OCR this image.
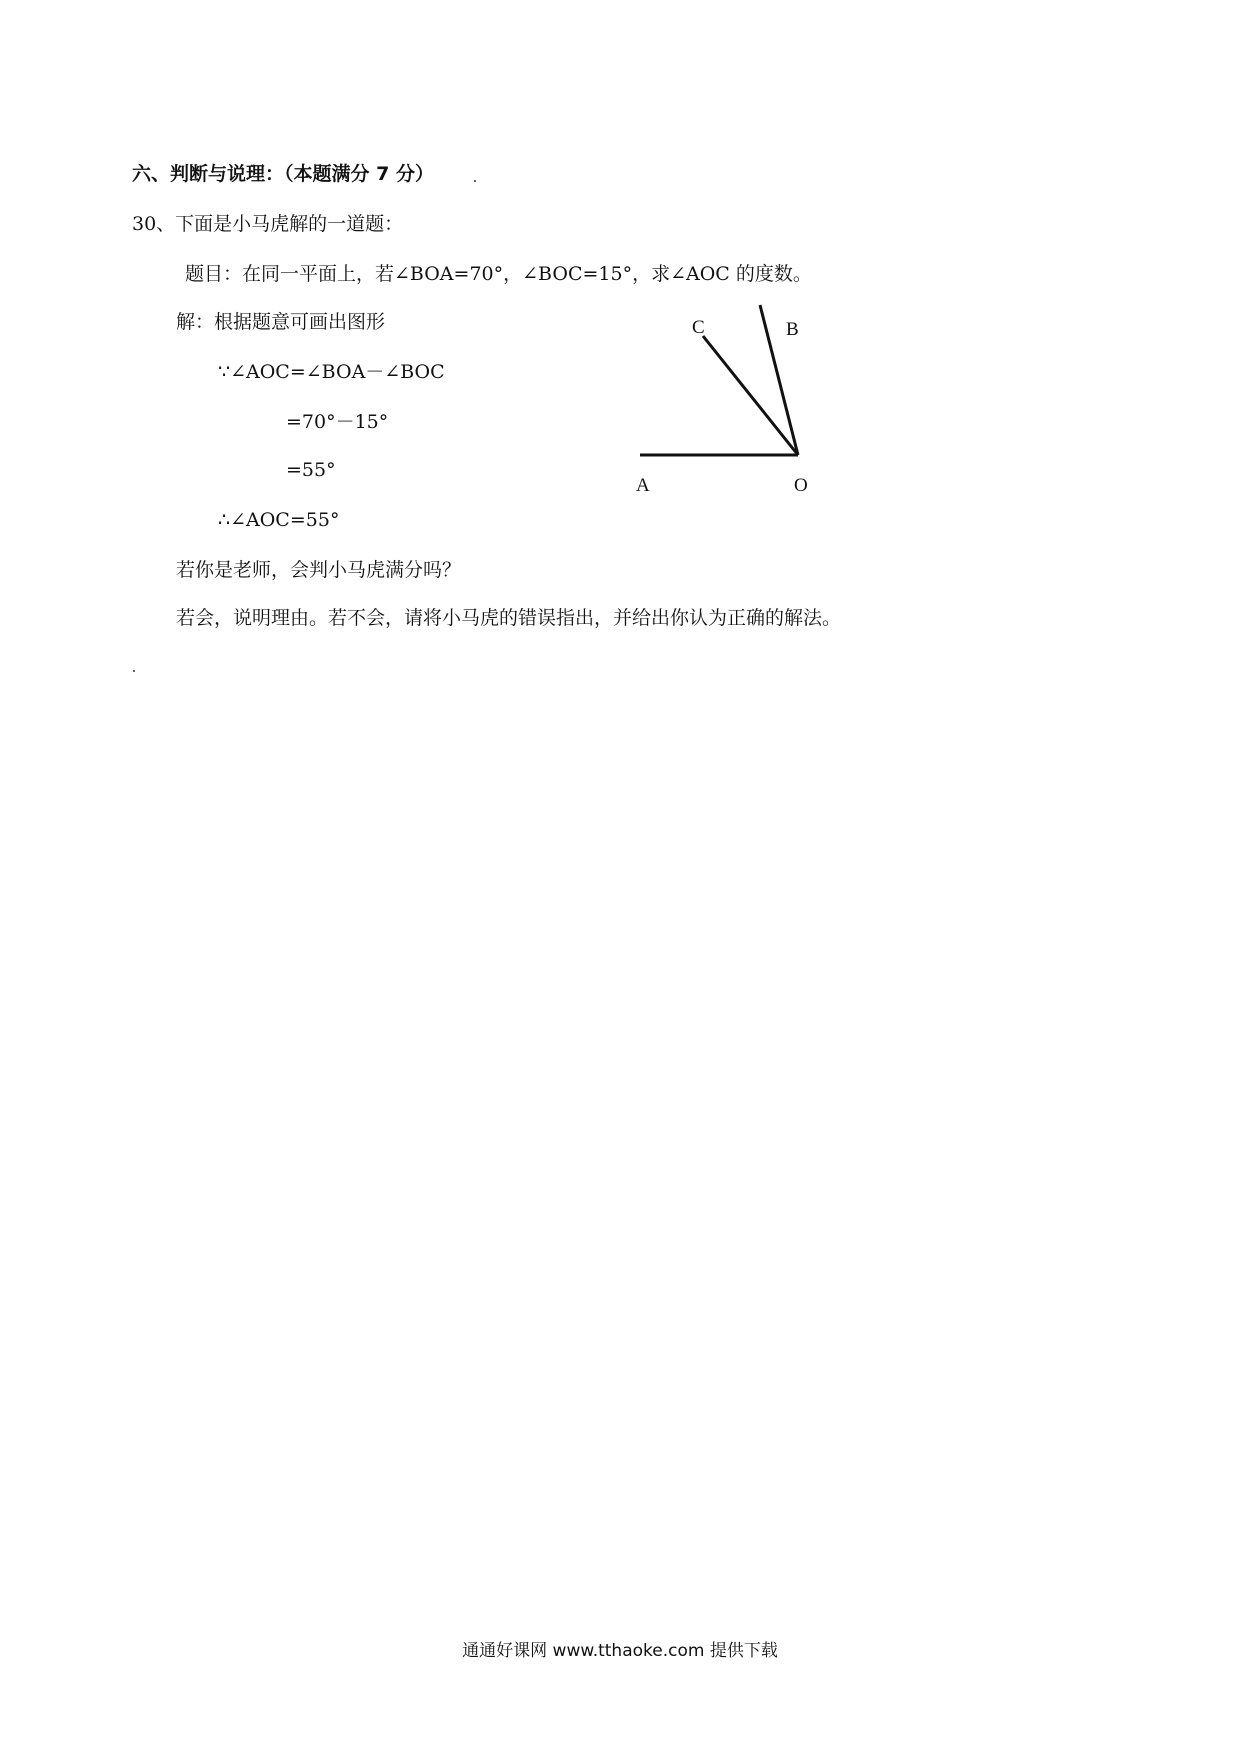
六、判断与说理：（本题满分 7 分）
30、下面是小马虎解的一道题：
题目：在同一平面上，若∠BOA=70°，∠BOC=15°，求∠AOC 的度数。
解：根据题意可画出图形
∵∠AOC=∠BOA－∠BOC
=70°－15°
=55°
∴∠AOC=55°
若你是老师，会判小马虎满分吗？
若会，说明理由。若不会，请将小马虎的错误指出，并给出你认为正确的解法。
A	O
B
C
通通好课网 www.tthaoke.com 提供下载
